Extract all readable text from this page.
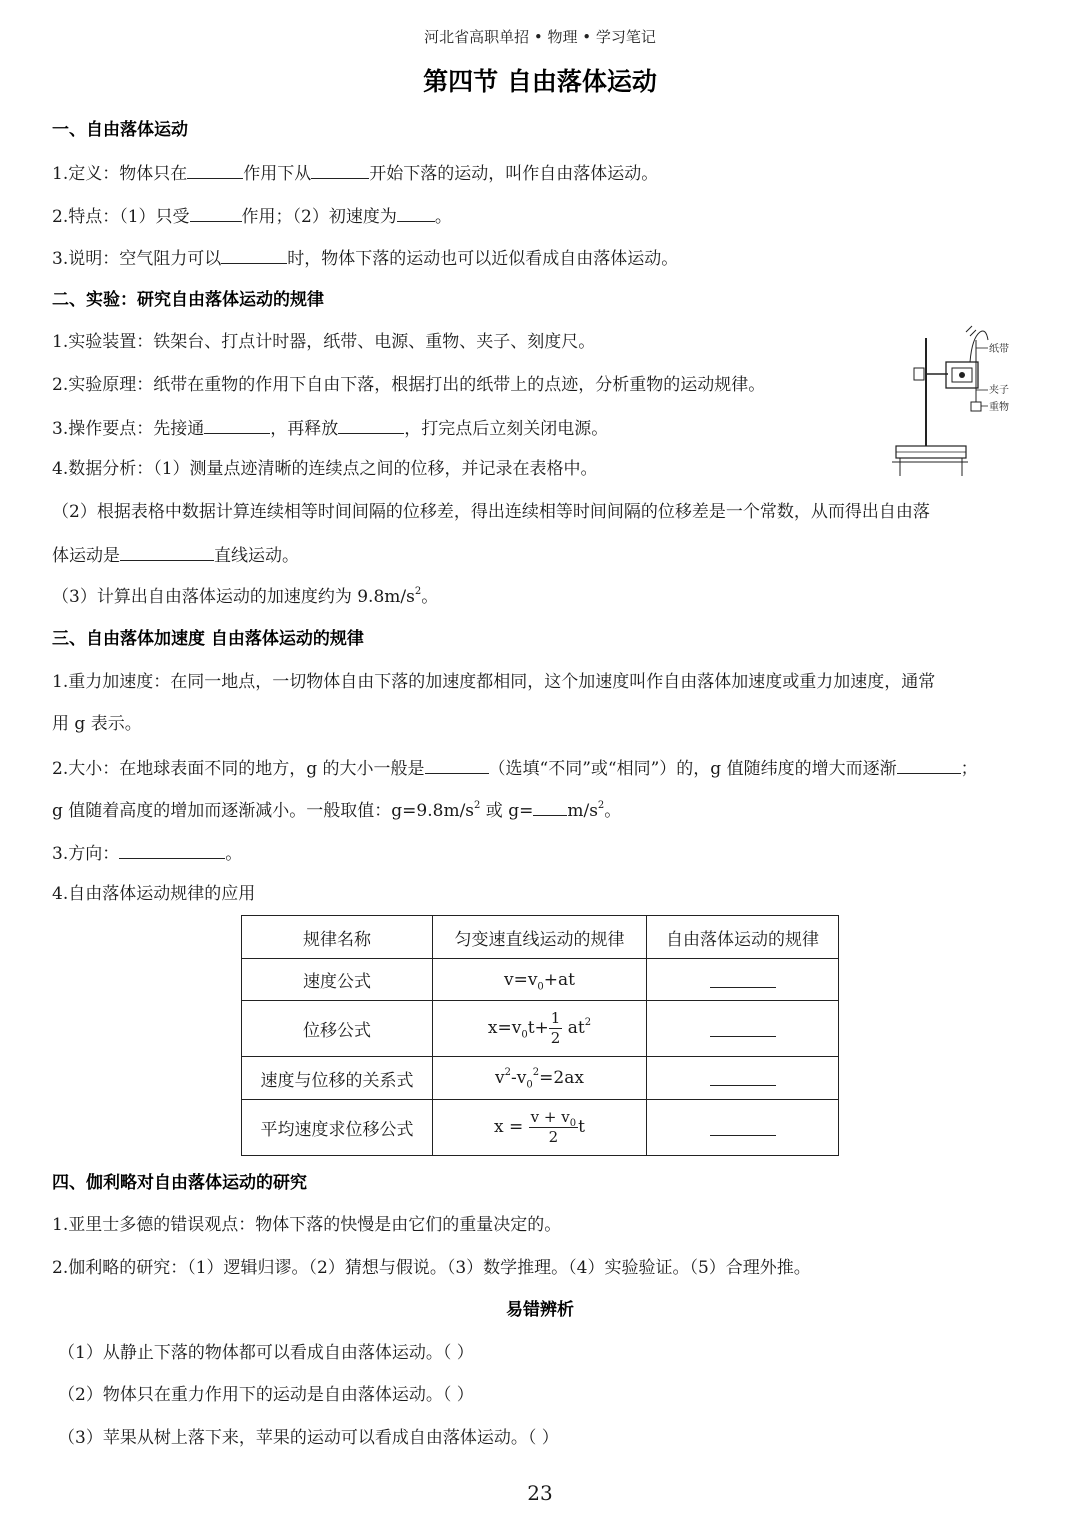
河北省高职单招 • 物理 • 学习笔记
第四节 自由落体运动
一、自由落体运动
1.定义：物体只在	作用下从	开始下落的运动，叫作自由落体运动。
2.特点：（1）只受	作用；（2）初速度为 。
3.说明：空气阻力可以	时，物体下落的运动也可以近似看成自由落体运动。
二、实验：研究自由落体运动的规律
1.实验装置：铁架台、打点计时器，纸带、电源、重物、夹子、刻度尺。
2.实验原理：纸带在重物的作用下自由下落，根据打出的纸带上的点迹，分析重物的运动规律。
3.操作要点：先接通	，再释放	，打完点后立刻关闭电源。
4.数据分析：（1）测量点迹清晰的连续点之间的位移，并记录在表格中。
（2）根据表格中数据计算连续相等时间间隔的位移差，得出连续相等时间间隔的位移差是一个常数，从而得出自由落
体运动是	直线运动。
（3）计算出自由落体运动的加速度约为 $9.8m/s^2$。
纸带
夹子
重物
三、自由落体加速度 自由落体运动的规律
1.重力加速度：在同一地点，一切物体自由下落的加速度都相同，这个加速度叫作自由落体加速度或重力加速度，通常
用 g 表示。
2.大小：在地球表面不同的地方，g 的大小一般是	（选填“不同”或“相同”）的，g 值随纬度的增大而逐渐	；
g 值随着高度的增加而逐渐减小。一般取值：$g=9.8m/s^2$ 或 $g= m/s^2$。
3.方向：	。
4.自由落体运动规律的应用
规律名称	匀变速直线运动的规律	自由落体运动的规律
速度公式	$v=v_0+at$	
位移公式	$x=v_0t+ \frac{1}{2} at^2$	
速度与位移的关系式	$v^2-v_0^2=2ax$	
平均速度求位移公式	$x = \frac{v + v_0}{2}$ t	
四、伽利略对自由落体运动的研究
1.亚里士多德的错误观点：物体下落的快慢是由它们的重量决定的。
2.伽利略的研究：（1）逻辑归谬。（2）猜想与假说。（3）数学推理。（4）实验验证。（5）合理外推。
易错辨析
（1）从静止下落的物体都可以看成自由落体运动。（ ）
（2）物体只在重力作用下的运动是自由落体运动。（ ）
（3）苹果从树上落下来，苹果的运动可以看成自由落体运动。（ ）
23
